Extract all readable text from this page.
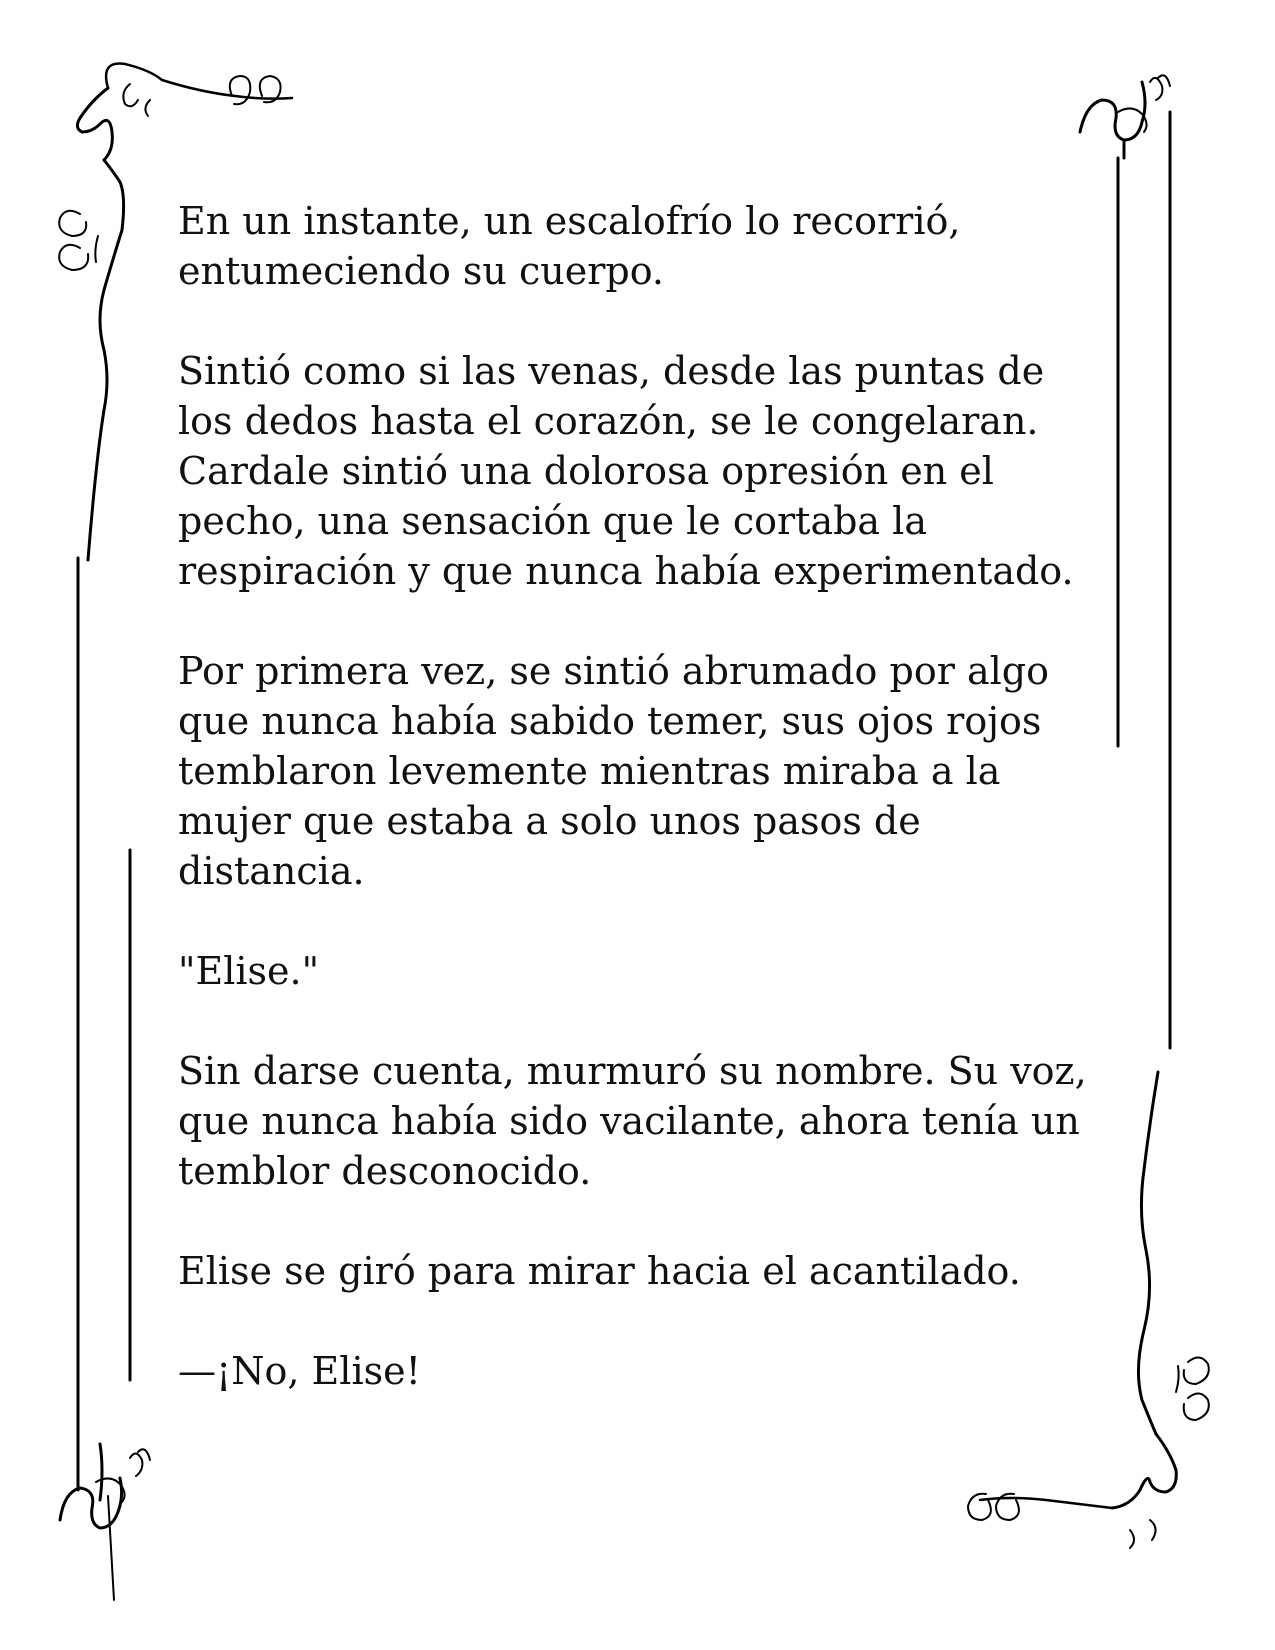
En un instante, un escalofrío lo recorrió,
entumeciendo su cuerpo.
Sintió como si las venas, desde las puntas de
los dedos hasta el corazón, se le congelaran.
Cardale sintió una dolorosa opresión en el
pecho, una sensación que le cortaba la
respiración y que nunca había experimentado.
Por primera vez, se sintió abrumado por algo
que nunca había sabido temer, sus ojos rojos
temblaron levemente mientras miraba a la
mujer que estaba a solo unos pasos de
distancia.
"Elise."
Sin darse cuenta, murmuró su nombre. Su voz,
que nunca había sido vacilante, ahora tenía un
temblor desconocido.
Elise se giró para mirar hacia el acantilado.
—¡No, Elise!
